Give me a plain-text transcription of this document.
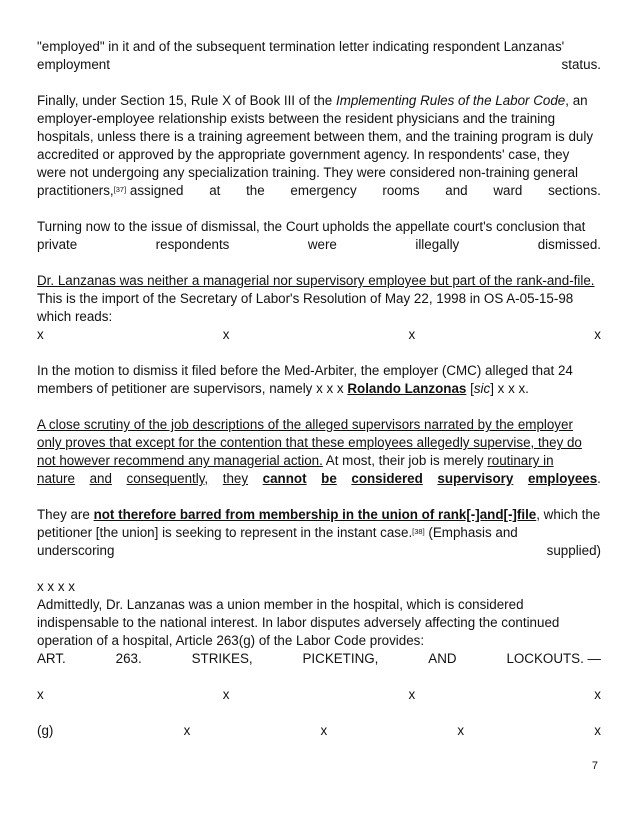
"employed" in it and of the subsequent termination letter indicating respondent Lanzanas'
employment	status.
Finally, under Section 15, Rule X of Book III of the Implementing Rules of the Labor Code, an
employer-employee relationship exists between the resident physicians and the training
hospitals, unless there is a training agreement between them, and the training program is duly
accredited or approved by the appropriate government agency. In respondents' case, they
were not undergoing any specialization training. They were considered non-training general
practitioners,[37] assigned at the emergency rooms and ward sections.
Turning now to the issue of dismissal, the Court upholds the appellate court's conclusion that
private	respondents	were	illegally	dismissed.
Dr. Lanzanas was neither a managerial nor supervisory employee but part of the rank-and-file.
This is the import of the Secretary of Labor's Resolution of May 22, 1998 in OS A-05-15-98
which reads:
x	x	x	x
In the motion to dismiss it filed before the Med-Arbiter, the employer (CMC) alleged that 24
members of petitioner are supervisors, namely x x x Rolando Lanzonas [sic] x x x.
A close scrutiny of the job descriptions of the alleged supervisors narrated by the employer
only proves that except for the contention that these employees allegedly supervise, they do
not however recommend any managerial action. At most, their job is merely routinary in
nature and consequently, they cannot be considered supervisory employees.
They are not therefore barred from membership in the union of rank[-]and[-]file, which the
petitioner [the union] is seeking to represent in the instant case.[38] (Emphasis and
underscoring	supplied)
x x x x
Admittedly, Dr. Lanzanas was a union member in the hospital, which is considered
indispensable to the national interest. In labor disputes adversely affecting the continued
operation of a hospital, Article 263(g) of the Labor Code provides:
ART.	263.	STRIKES,	PICKETING,	AND	LOCKOUTS. —
x	x	x	x
(g)	x	x	x	x
7
